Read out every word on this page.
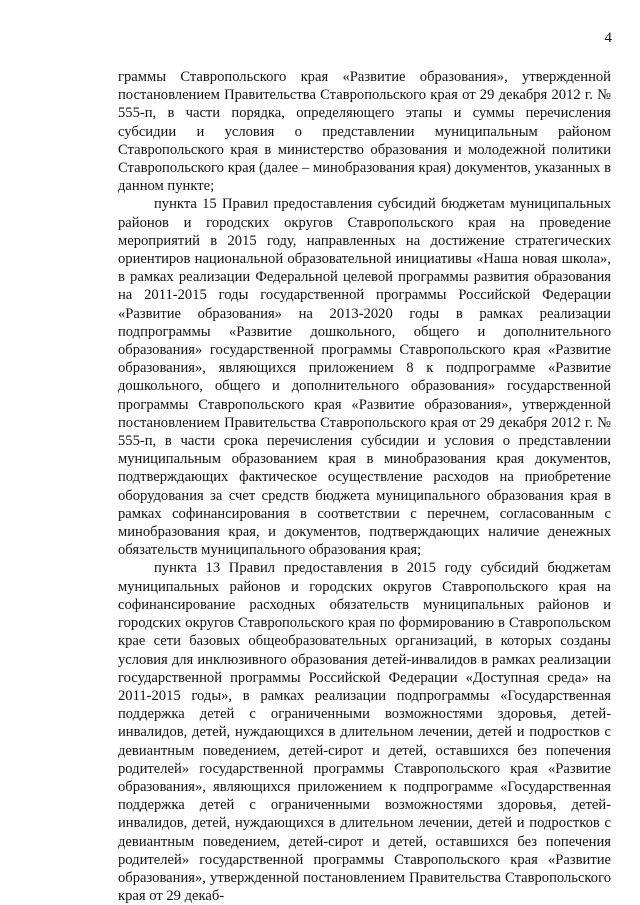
4

граммы Ставропольского края «Развитие образования», утвержденной постановлением Правительства Ставропольского края от 29 декабря 2012 г. № 555-п, в части порядка, определяющего этапы и суммы перечисления субсидии и условия о представлении муниципальным районом Ставропольского края в министерство образования и молодежной политики Ставропольского края (далее – минобразования края) документов, указанных в данном пункте;

пункта 15 Правил предоставления субсидий бюджетам муниципальных районов и городских округов Ставропольского края на проведение мероприятий в 2015 году, направленных на достижение стратегических ориентиров национальной образовательной инициативы «Наша новая школа», в рамках реализации Федеральной целевой программы развития образования на 2011-2015 годы государственной программы Российской Федерации «Развитие образования» на 2013-2020 годы в рамках реализации подпрограммы «Развитие дошкольного, общего и дополнительного образования» государственной программы Ставропольского края «Развитие образования», являющихся приложением 8 к подпрограмме «Развитие дошкольного, общего и дополнительного образования» государственной программы Ставропольского края «Развитие образования», утвержденной постановлением Правительства Ставропольского края от 29 декабря 2012 г. № 555-п, в части срока перечисления субсидии и условия о представлении муниципальным образованием края в минобразования края документов, подтверждающих фактическое осуществление расходов на приобретение оборудования за счет средств бюджета муниципального образования края в рамках софинансирования в соответствии с перечнем, согласованным с минобразования края, и документов, подтверждающих наличие денежных обязательств муниципального образования края;

пункта 13 Правил предоставления в 2015 году субсидий бюджетам муниципальных районов и городских округов Ставропольского края на софинансирование расходных обязательств муниципальных районов и городских округов Ставропольского края по формированию в Ставропольском крае сети базовых общеобразовательных организаций, в которых созданы условия для инклюзивного образования детей-инвалидов в рамках реализации государственной программы Российской Федерации «Доступная среда» на 2011-2015 годы», в рамках реализации подпрограммы «Государственная поддержка детей с ограниченными возможностями здоровья, детей-инвалидов, детей, нуждающихся в длительном лечении, детей и подростков с девиантным поведением, детей-сирот и детей, оставшихся без попечения родителей» государственной программы Ставропольского края «Развитие образования», являющихся приложением к подпрограмме «Государственная поддержка детей с ограниченными возможностями здоровья, детей-инвалидов, детей, нуждающихся в длительном лечении, детей и подростков с девиантным поведением, детей-сирот и детей, оставшихся без попечения родителей» государственной программы Ставропольского края «Развитие образования», утвержденной постановлением Правительства Ставропольского края от 29 декаб-
